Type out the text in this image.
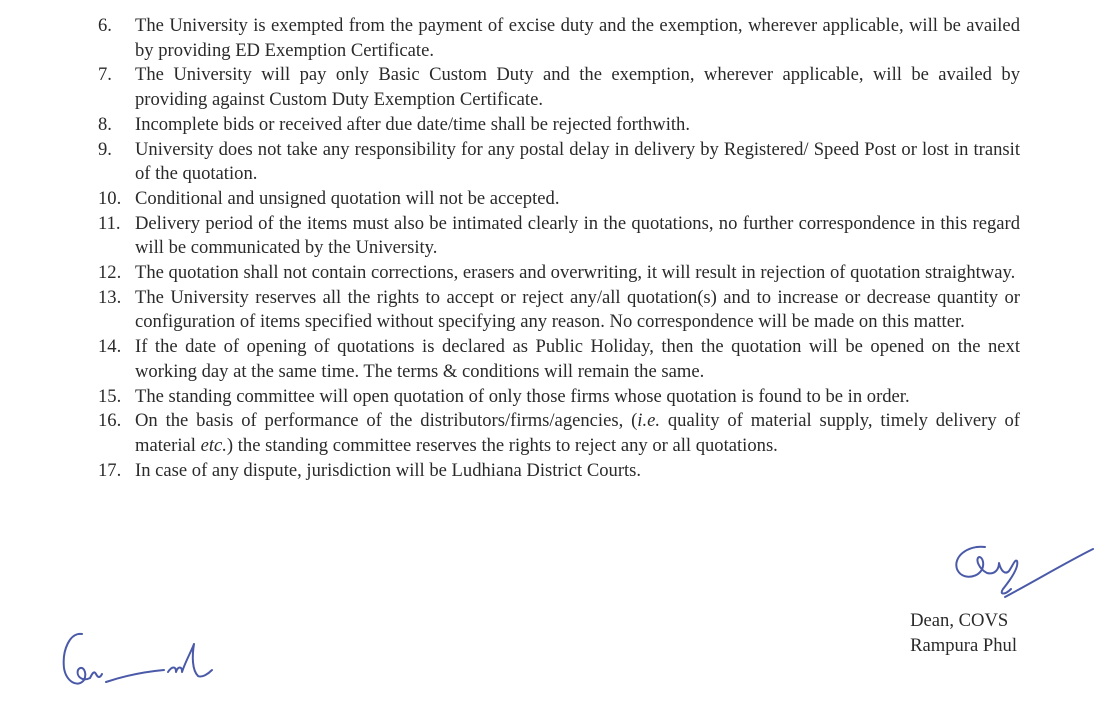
6.	The University is exempted from the payment of excise duty and the exemption, wherever applicable, will be availed by providing ED Exemption Certificate.
7.	The University will pay only Basic Custom Duty and the exemption, wherever applicable, will be availed by providing against Custom Duty Exemption Certificate.
8.	Incomplete bids or received after due date/time shall be rejected forthwith.
9.	University does not take any responsibility for any postal delay in delivery by Registered/ Speed Post or lost in transit of the quotation.
10. Conditional and unsigned quotation will not be accepted.
11. Delivery period of the items must also be intimated clearly in the quotations, no further correspondence in this regard will be communicated by the University.
12. The quotation shall not contain corrections, erasers and overwriting, it will result in rejection of quotation straightway.
13. The University reserves all the rights to accept or reject any/all quotation(s) and to increase or decrease quantity or configuration of items specified without specifying any reason. No correspondence will be made on this matter.
14. If the date of opening of quotations is declared as Public Holiday, then the quotation will be opened on the next working day at the same time. The terms & conditions will remain the same.
15. The standing committee will open quotation of only those firms whose quotation is found to be in order.
16. On the basis of performance of the distributors/firms/agencies, (i.e. quality of material supply, timely delivery of material etc.) the standing committee reserves the rights to reject any or all quotations.
17. In case of any dispute, jurisdiction will be Ludhiana District Courts.
Dean, COVS
Rampura Phul
